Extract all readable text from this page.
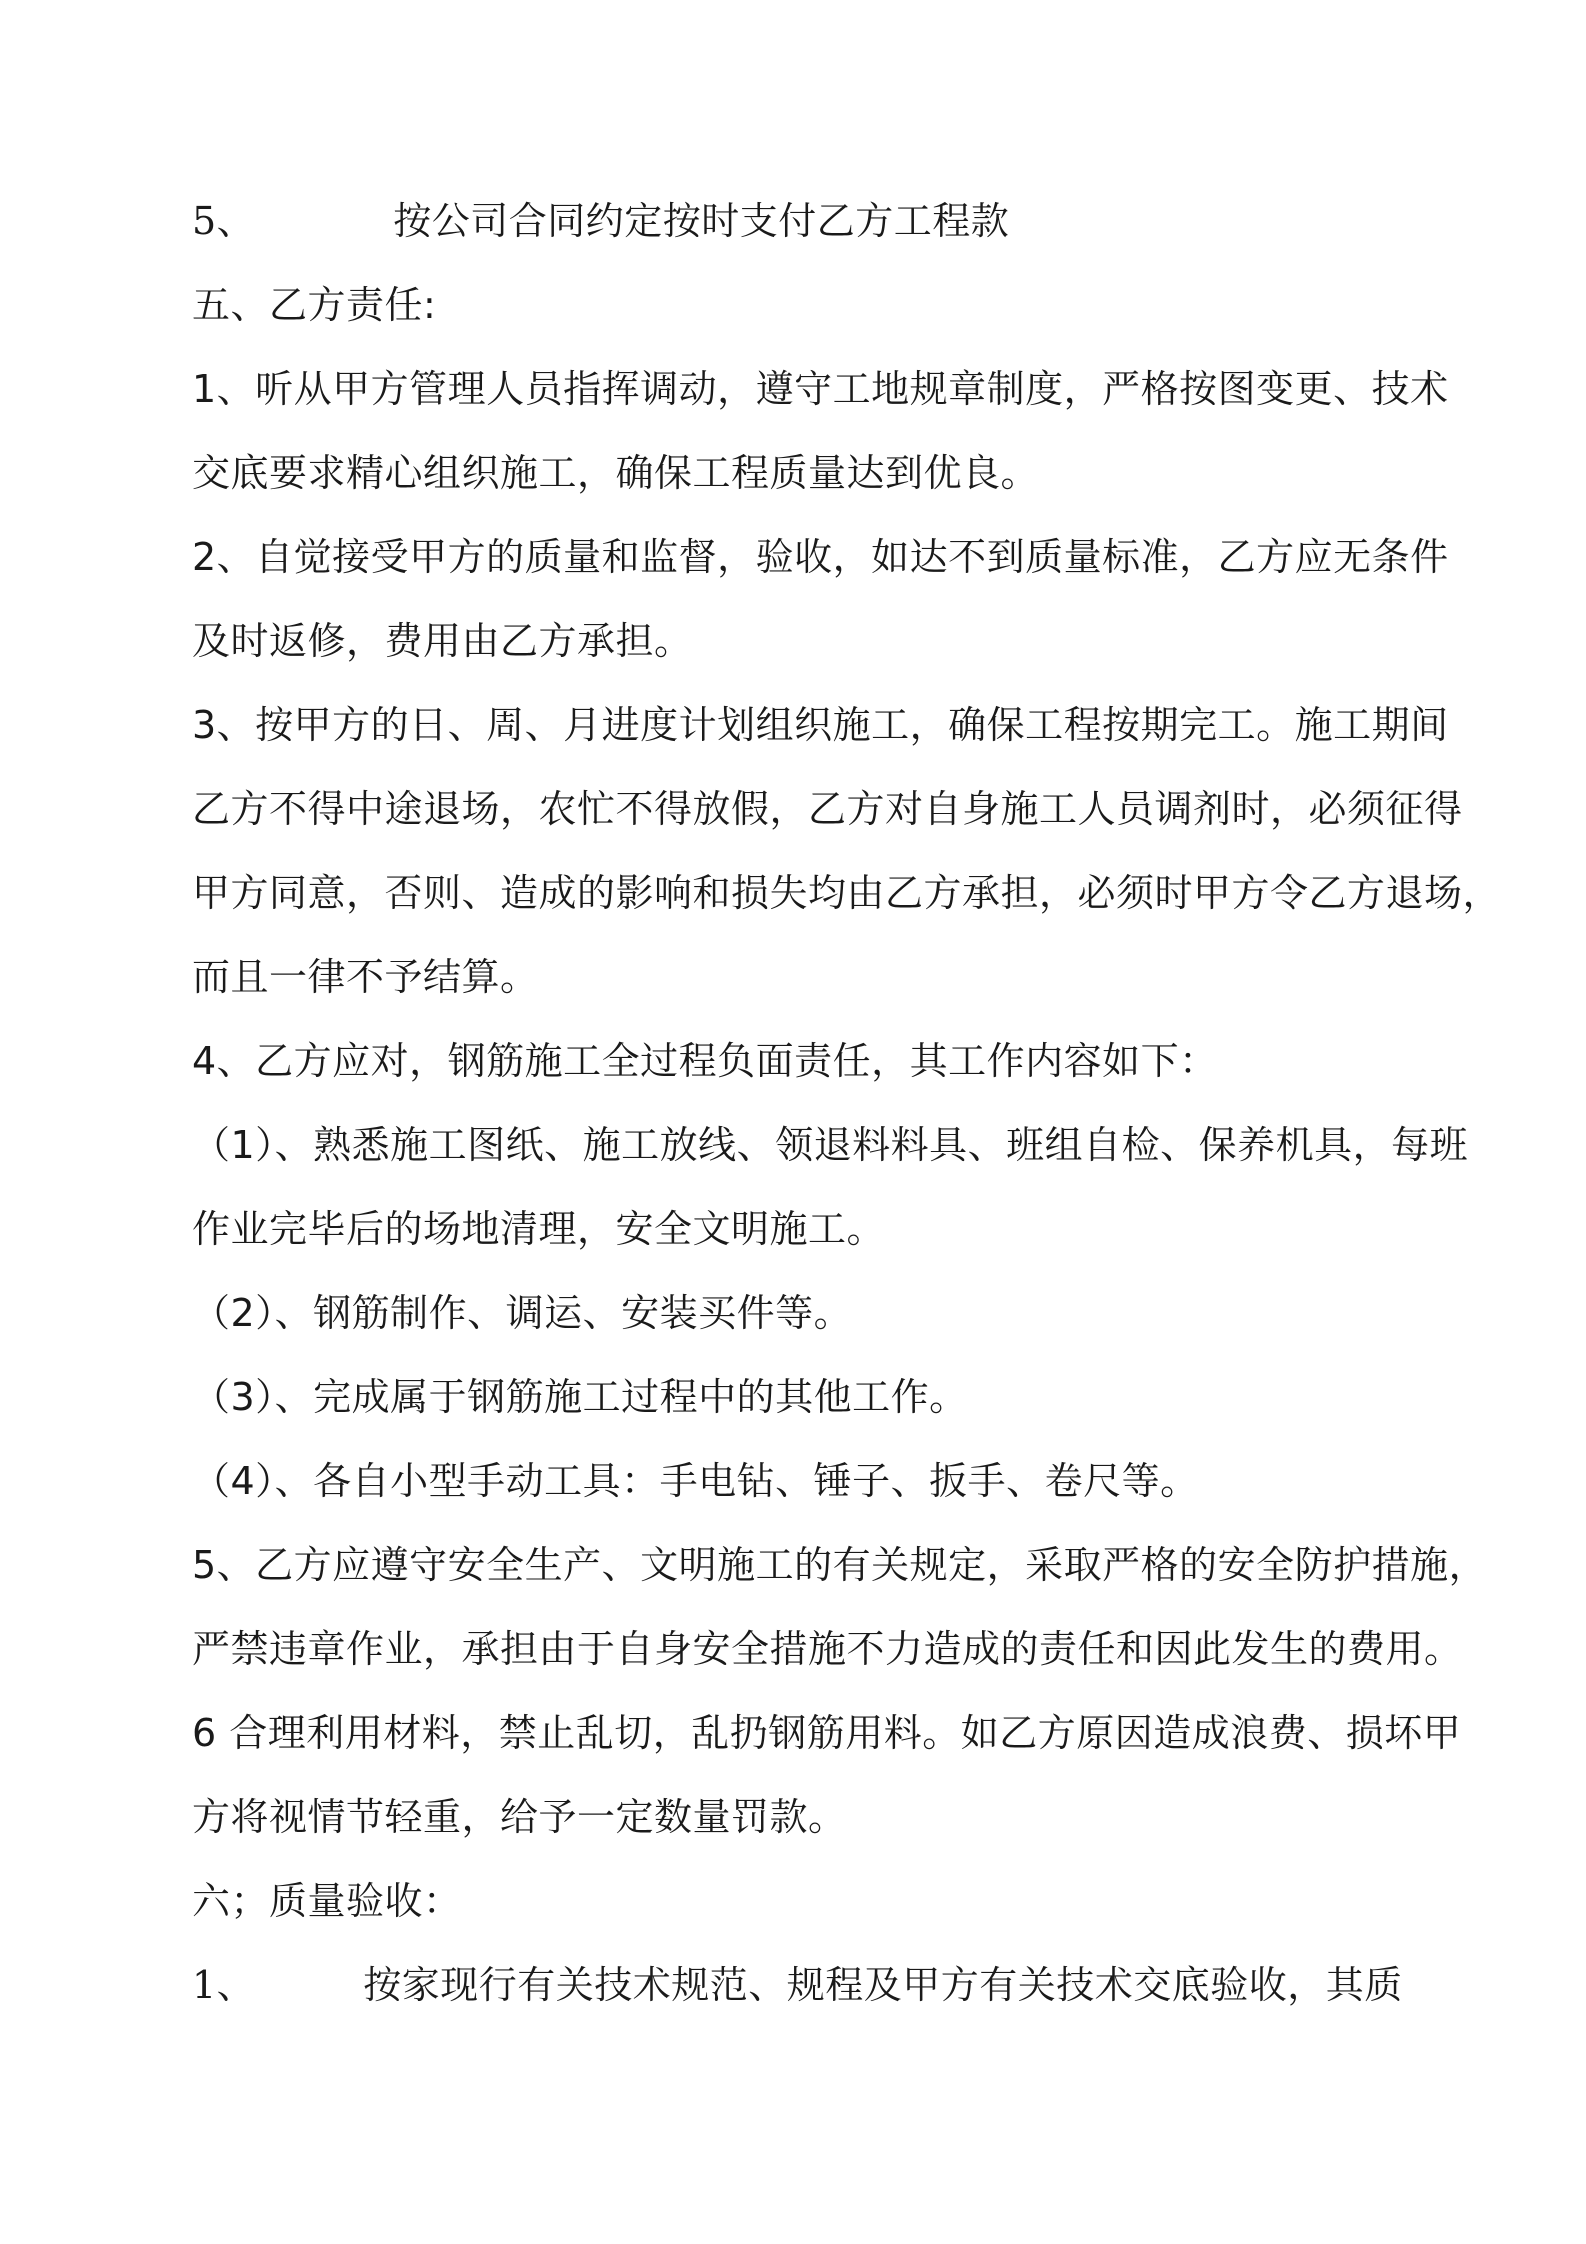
5、	按公司合同约定按时支付乙方工程款
五、乙方责任:
1、听从甲方管理人员指挥调动，遵守工地规章制度，严格按图变更、技术
交底要求精心组织施工，确保工程质量达到优良。
2、自觉接受甲方的质量和监督，验收，如达不到质量标准，乙方应无条件
及时返修，费用由乙方承担。
3、按甲方的日、周、月进度计划组织施工，确保工程按期完工。施工期间
乙方不得中途退场，农忙不得放假，乙方对自身施工人员调剂时，必须征得
甲方同意，否则、造成的影响和损失均由乙方承担，必须时甲方令乙方退场，
而且一律不予结算。
4、乙方应对，钢筋施工全过程负面责任，其工作内容如下：
（1）、熟悉施工图纸、施工放线、领退料料具、班组自检、保养机具，每班
作业完毕后的场地清理，安全文明施工。
（2）、钢筋制作、调运、安装买件等。
（3）、完成属于钢筋施工过程中的其他工作。
（4）、各自小型手动工具：手电钻、锤子、扳手、卷尺等。
5、乙方应遵守安全生产、文明施工的有关规定，采取严格的安全防护措施，
严禁违章作业，承担由于自身安全措施不力造成的责任和因此发生的费用。
6 合理利用材料，禁止乱切，乱扔钢筋用料。如乙方原因造成浪费、损坏甲
方将视情节轻重，给予一定数量罚款。
六；质量验收：
1、	按家现行有关技术规范、规程及甲方有关技术交底验收，其质
